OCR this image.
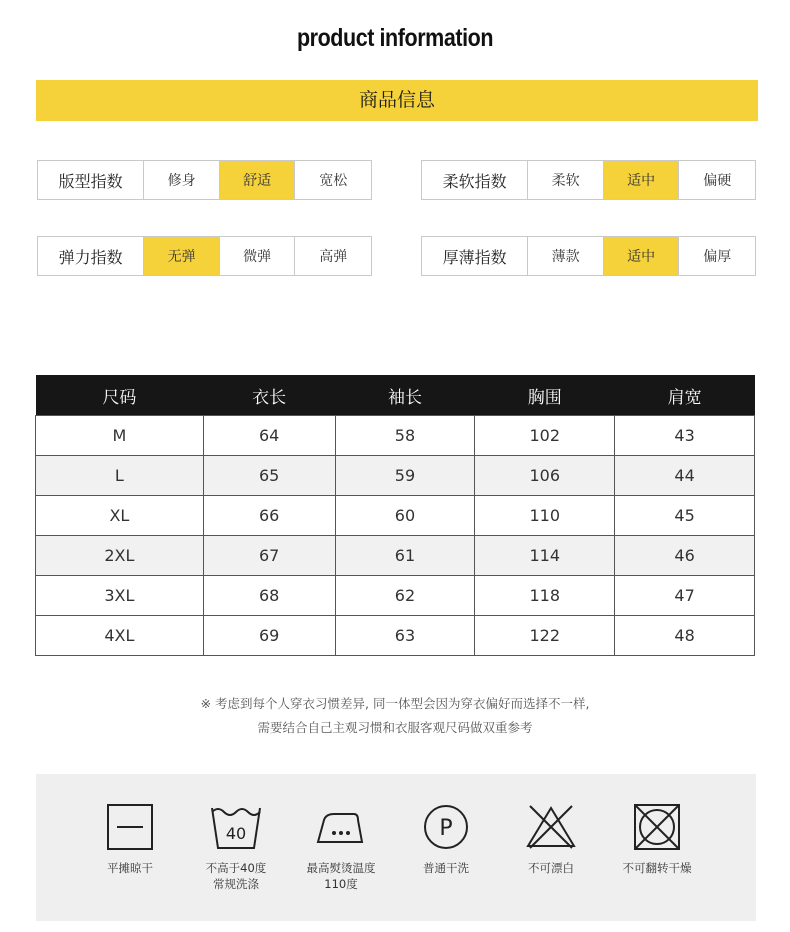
product information
商品信息
版型指数	修身	舒适	宽松	柔软指数	柔软	适中	偏硬
弹力指数	无弹	微弹	高弹	厚薄指数	薄款	适中	偏厚
尺码	衣长	袖长	胸围	肩宽
M	64	58	102	43
L	65	59	106	44
XL	66	60	110	45
2XL	67	61	114	46
3XL	68	62	118	47
4XL	69	63	122	48
※ 考虑到每个人穿衣习惯差异, 同一体型会因为穿衣偏好而选择不一样,
需要结合自己主观习惯和衣服客观尺码做双重参考
平摊晾干
40
不高于40度
常规洗涤
最高熨烫温度
110度
P
普通干洗	不可漂白	不可翻转干燥
